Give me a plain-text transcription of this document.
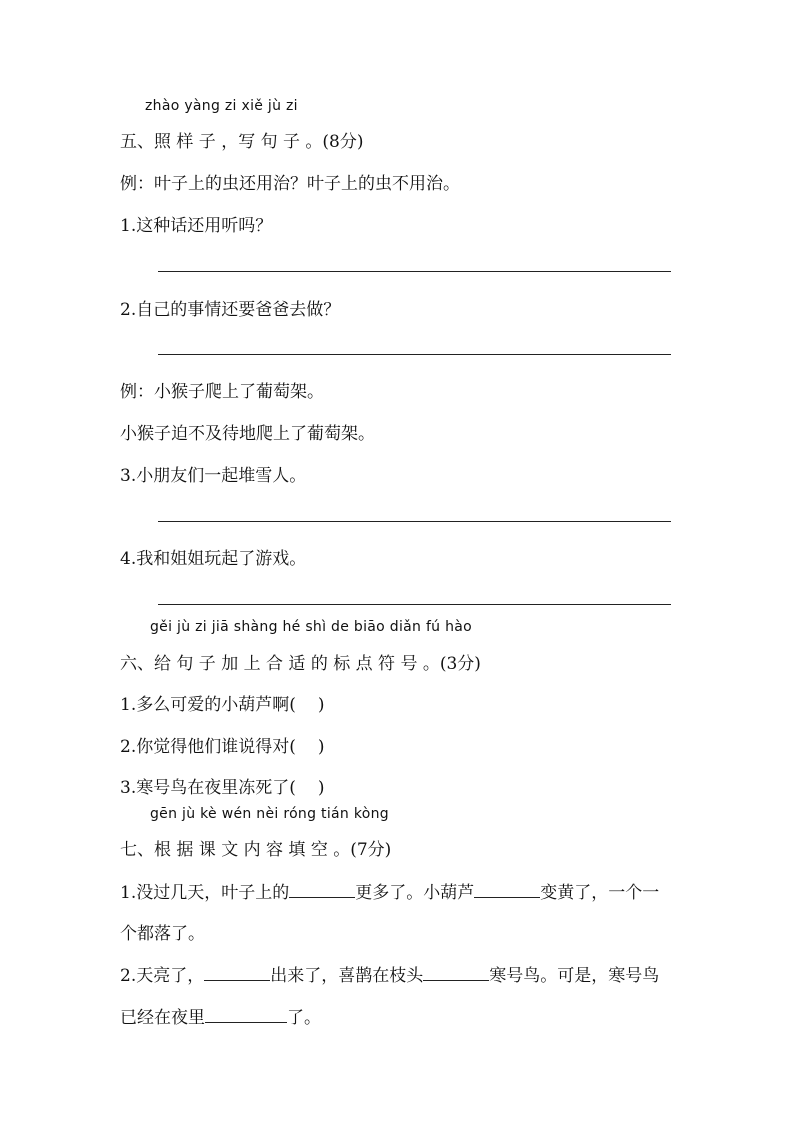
zhào yàng zi xiě jù zi
五、照 样 子 ，写 句 子 。(8分)
例：叶子上的虫还用治？叶子上的虫不用治。
1.这种话还用听吗？
2.自己的事情还要爸爸去做？
例：小猴子爬上了葡萄架。
小猴子迫不及待地爬上了葡萄架。
3.小朋友们一起堆雪人。
4.我和姐姐玩起了游戏。
gěi jù zi jiā shàng hé shì de biāo diǎn fú hào
六、给 句 子 加 上 合 适 的 标 点 符 号 。(3分)
1.多么可爱的小葫芦啊( )
2.你觉得他们谁说得对( )
3.寒号鸟在夜里冻死了( )
gēn jù kè wén nèi róng tián kòng
七、根 据 课 文 内 容 填 空 。(7分)
1.没过几天，叶子上的	更多了。小葫芦	变黄了，一个一
个都落了。
2.天亮了，	出来了，喜鹊在枝头	寒号鸟。可是，寒号鸟
已经在夜里	了。
